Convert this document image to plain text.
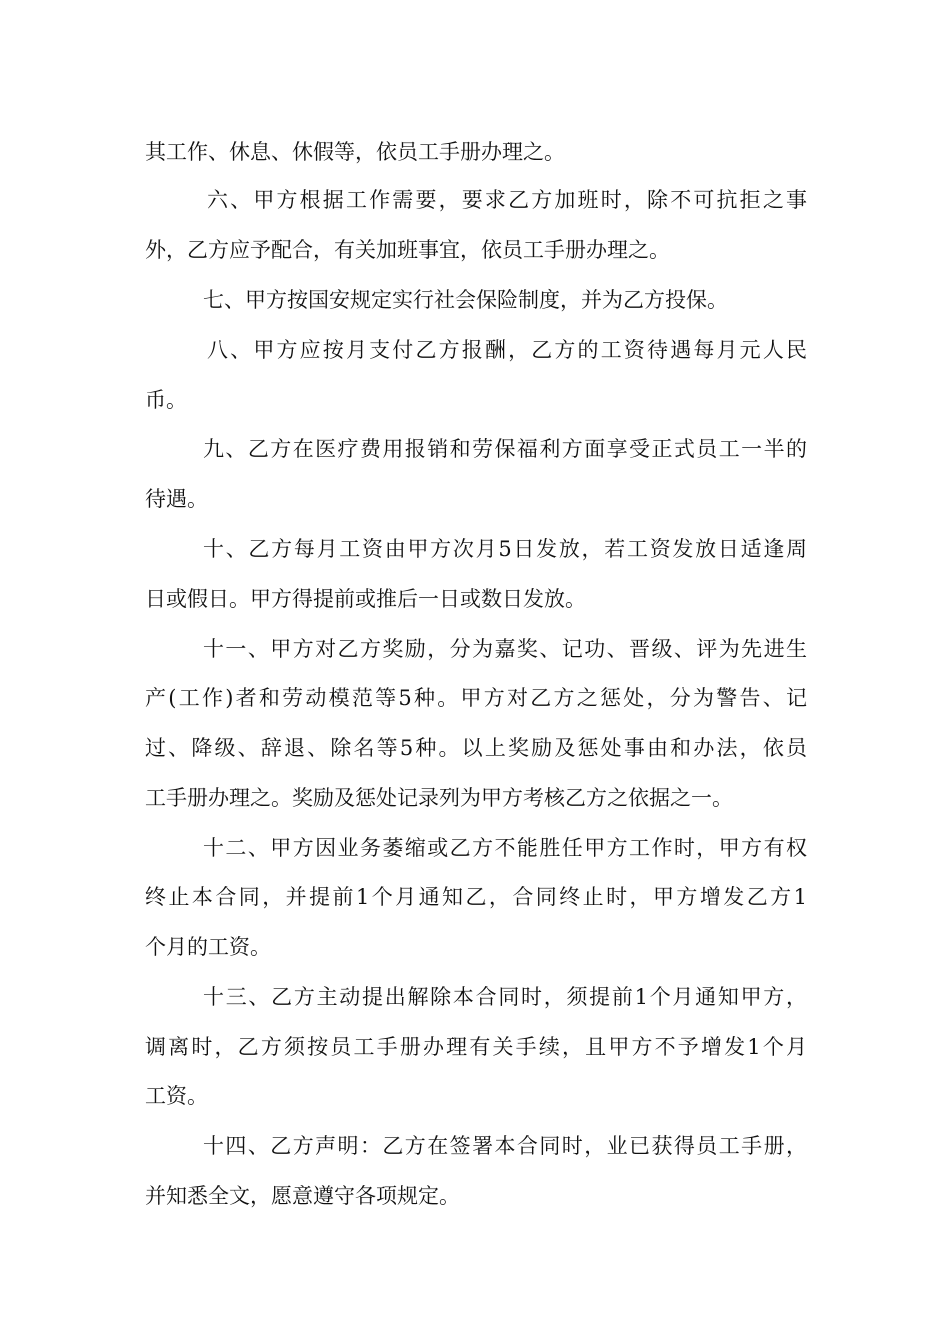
其工作、休息、休假等，依员工手册办理之。
六、甲方根据工作需要，要求乙方加班时，除不可抗拒之事
外，乙方应予配合，有关加班事宜，依员工手册办理之。
七、甲方按国安规定实行社会保险制度，并为乙方投保。
八、甲方应按月支付乙方报酬，乙方的工资待遇每月元人民
币。
九、乙方在医疗费用报销和劳保福利方面享受正式员工一半的
待遇。
十、乙方每月工资由甲方次月5日发放，若工资发放日适逢周
日或假日。甲方得提前或推后一日或数日发放。
十一、甲方对乙方奖励，分为嘉奖、记功、晋级、评为先进生
产(工作)者和劳动模范等5种。甲方对乙方之惩处，分为警告、记
过、降级、辞退、除名等5种。以上奖励及惩处事由和办法，依员
工手册办理之。奖励及惩处记录列为甲方考核乙方之依据之一。
十二、甲方因业务萎缩或乙方不能胜任甲方工作时，甲方有权
终止本合同，并提前1个月通知乙，合同终止时，甲方增发乙方1
个月的工资。
十三、乙方主动提出解除本合同时，须提前1个月通知甲方，
调离时，乙方须按员工手册办理有关手续，且甲方不予增发1个月
工资。
十四、乙方声明：乙方在签署本合同时，业已获得员工手册，
并知悉全文，愿意遵守各项规定。
